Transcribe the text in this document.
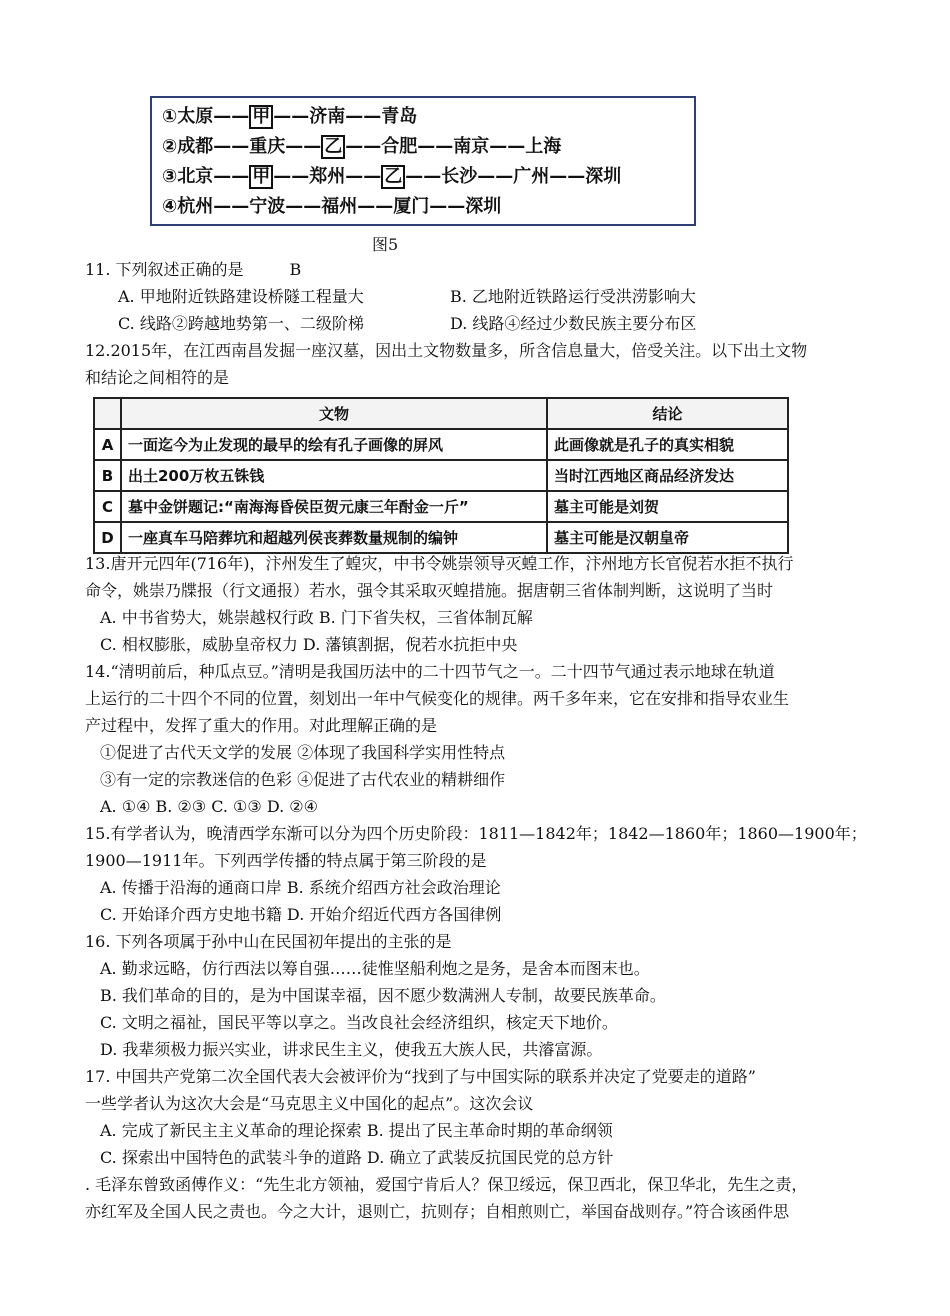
①太原—— 甲 ——济南——青岛
②成都——重庆—— 乙 ——合肥——南京——上海
③北京—— 甲 ——郑州—— 乙 ——长沙——广州——深圳
④杭州——宁波——福州——厦门——深圳
图5
11. 下列叙述正确的是	B
A. 甲地附近铁路建设桥隧工程量大	B. 乙地附近铁路运行受洪涝影响大
C. 线路②跨越地势第一、二级阶梯	D. 线路④经过少数民族主要分布区
12.2015年，在江西南昌发掘一座汉墓，因出土文物数量多，所含信息量大，倍受关注。以下出土文物
和结论之间相符的是
	文物	结论
A	一面迄今为止发现的最早的绘有孔子画像的屏风	此画像就是孔子的真实相貌
B	出土200万枚五铢钱	当时江西地区商品经济发达
C	墓中金饼题记:“南海海昏侯臣贺元康三年酎金一斤”	墓主可能是刘贺
D	一座真车马陪葬坑和超越列侯丧葬数量规制的编钟	墓主可能是汉朝皇帝
13.唐开元四年(716年)，汴州发生了蝗灾，中书令姚崇领导灭蝗工作，汴州地方长官倪若水拒不执行
命令，姚崇乃牒报（行文通报）若水，强令其采取灭蝗措施。据唐朝三省体制判断，这说明了当时
A. 中书省势大，姚崇越权行政 B. 门下省失权，三省体制瓦解
C. 相权膨胀，威胁皇帝权力 D. 藩镇割据，倪若水抗拒中央
14.“清明前后，种瓜点豆。”清明是我国历法中的二十四节气之一。二十四节气通过表示地球在轨道
上运行的二十四个不同的位置，刻划出一年中气候变化的规律。两千多年来，它在安排和指导农业生
产过程中，发挥了重大的作用。对此理解正确的是
①促进了古代天文学的发展 ②体现了我国科学实用性特点
③有一定的宗教迷信的色彩 ④促进了古代农业的精耕细作
A. ①④ B. ②③ C. ①③ D. ②④
15.有学者认为，晚清西学东渐可以分为四个历史阶段：1811—1842年；1842—1860年；1860—1900年；
1900—1911年。下列西学传播的特点属于第三阶段的是
A. 传播于沿海的通商口岸 B. 系统介绍西方社会政治理论
C. 开始译介西方史地书籍 D. 开始介绍近代西方各国律例
16. 下列各项属于孙中山在民国初年提出的主张的是
A. 勤求远略，仿行西法以筹自强……徒惟坚船利炮之是务，是舍本而图末也。
B. 我们革命的目的，是为中国谋幸福，因不愿少数满洲人专制，故要民族革命。
C. 文明之福祉，国民平等以享之。当改良社会经济组织，核定天下地价。
D. 我辈须极力振兴实业，讲求民生主义，使我五大族人民，共濬富源。
17. 中国共产党第二次全国代表大会被评价为“找到了与中国实际的联系并决定了党要走的道路”
一些学者认为这次大会是“马克思主义中国化的起点”。这次会议
A. 完成了新民主主义革命的理论探索 B. 提出了民主革命时期的革命纲领
C. 探索出中国特色的武装斗争的道路 D. 确立了武装反抗国民党的总方针
. 毛泽东曾致函傅作义：“先生北方领袖，爱国宁肯后人？保卫绥远，保卫西北，保卫华北，先生之责，
亦红军及全国人民之责也。今之大计，退则亡，抗则存；自相煎则亡，举国奋战则存。”符合该函件思
